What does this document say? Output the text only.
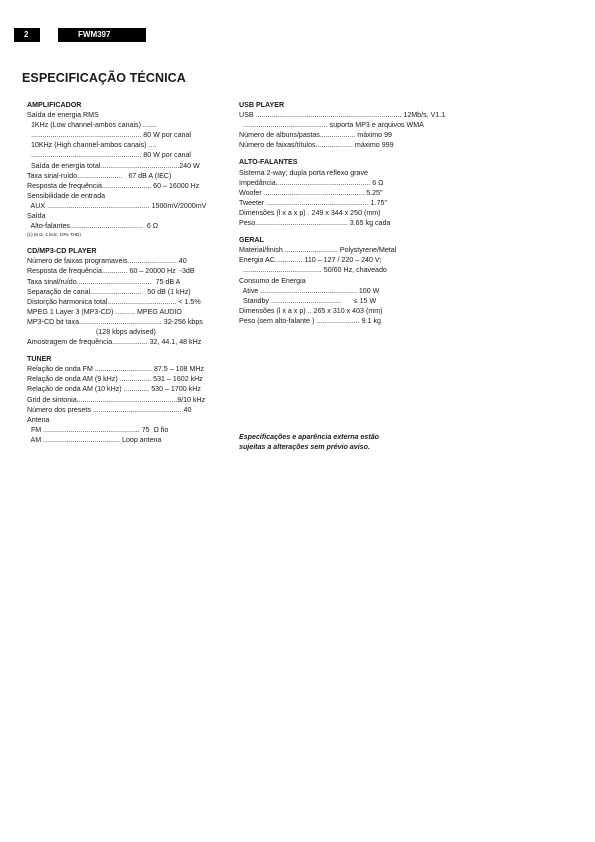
2	FWM397
ESPECIFICAÇÃO TÉCNICA
AMPLIFICADOR
Saída de energia RMS
1KHz (Low channel-ambos canais) .......
........................................................ 80 W por canal
10KHz (High channel-ambos canais) ....
........................................................ 80 W por canal
Saída de energia total........................................240 W
Taxa sinal-ruído.......................   67 dB A (IEC)
Resposta de frequência......................... 60 – 16000 Hz
Sensibilidade de entrada
AUX .................................................... 1500mV/2000mV
Saída
Alto-falantes.....................................  6 Ω
(1) (6 Ω, 1 kHz, 10% THD)
CD/MP3-CD PLAYER
Número de faixas programaveis......................... 40
Resposta de frequência............. 60 – 20000 Hz  -3dB
Taxa sinal/ruído......................................  75 dB A
Separação de canal..........................   50 dB (1 kHz)
Distorção harmonica total................................... < 1.5%
MPEG 1 Layer 3 (MP3-CD) .......... MPEG AUDIO
MP3-CD bit taxa.......................................... 32-256 kbps
(128 kbps advised)
Amostragem de frequência.................. 32, 44.1, 48 kHz
TUNER
Relação de onda FM ............................. 87.5 – 108 MHz
Relação de onda AM (9 kHz) ................ 531 – 1602 kHz
Relação de onda AM (10 kHz) ............. 530 – 1700 kHz
Grid de sintonia...................................................9/10 kHz
Número dos presets ............................................. 40
Antena
FM ................................................. 75  Ω fio
AM ....................................... Loop antena
USB PLAYER
USB .......................................................................... 12Mb/s, V1.1
........................................... suporta MP3 e arquivos WMA
Número de albuns/pastas.................. máximo 99
Número de faixas/títulos................... máximo 999
ALTO-FALANTES
Sistema 2-way; dupla porta reflexo grave
Impedância................................................ 6 Ω
Woofer ................................................... 5.25"
Tweeter .................................................... 1.75"
Dimensões (l x a x p) . 249 x 344 x 250 (mm)
Peso............................................... 3.65 kg cada
GERAL
Material/finish ........................... Polystyrene/Metal
Energia AC.............. 110 – 127 / 220 – 240 V;
........................................ 50/60 Hz, chaveado
Consumo de Energia
Ative ................................................. 100 W
Standby ....................................      ≤ 15 W
Dimensões (l x a x p) .. 265 x 310 x 403 (mm)
Peso (sem alto-falante ) ...................... 9.1 kg
Especificações e aparência externa estão
sujeitas a alterações sem prévio aviso.
